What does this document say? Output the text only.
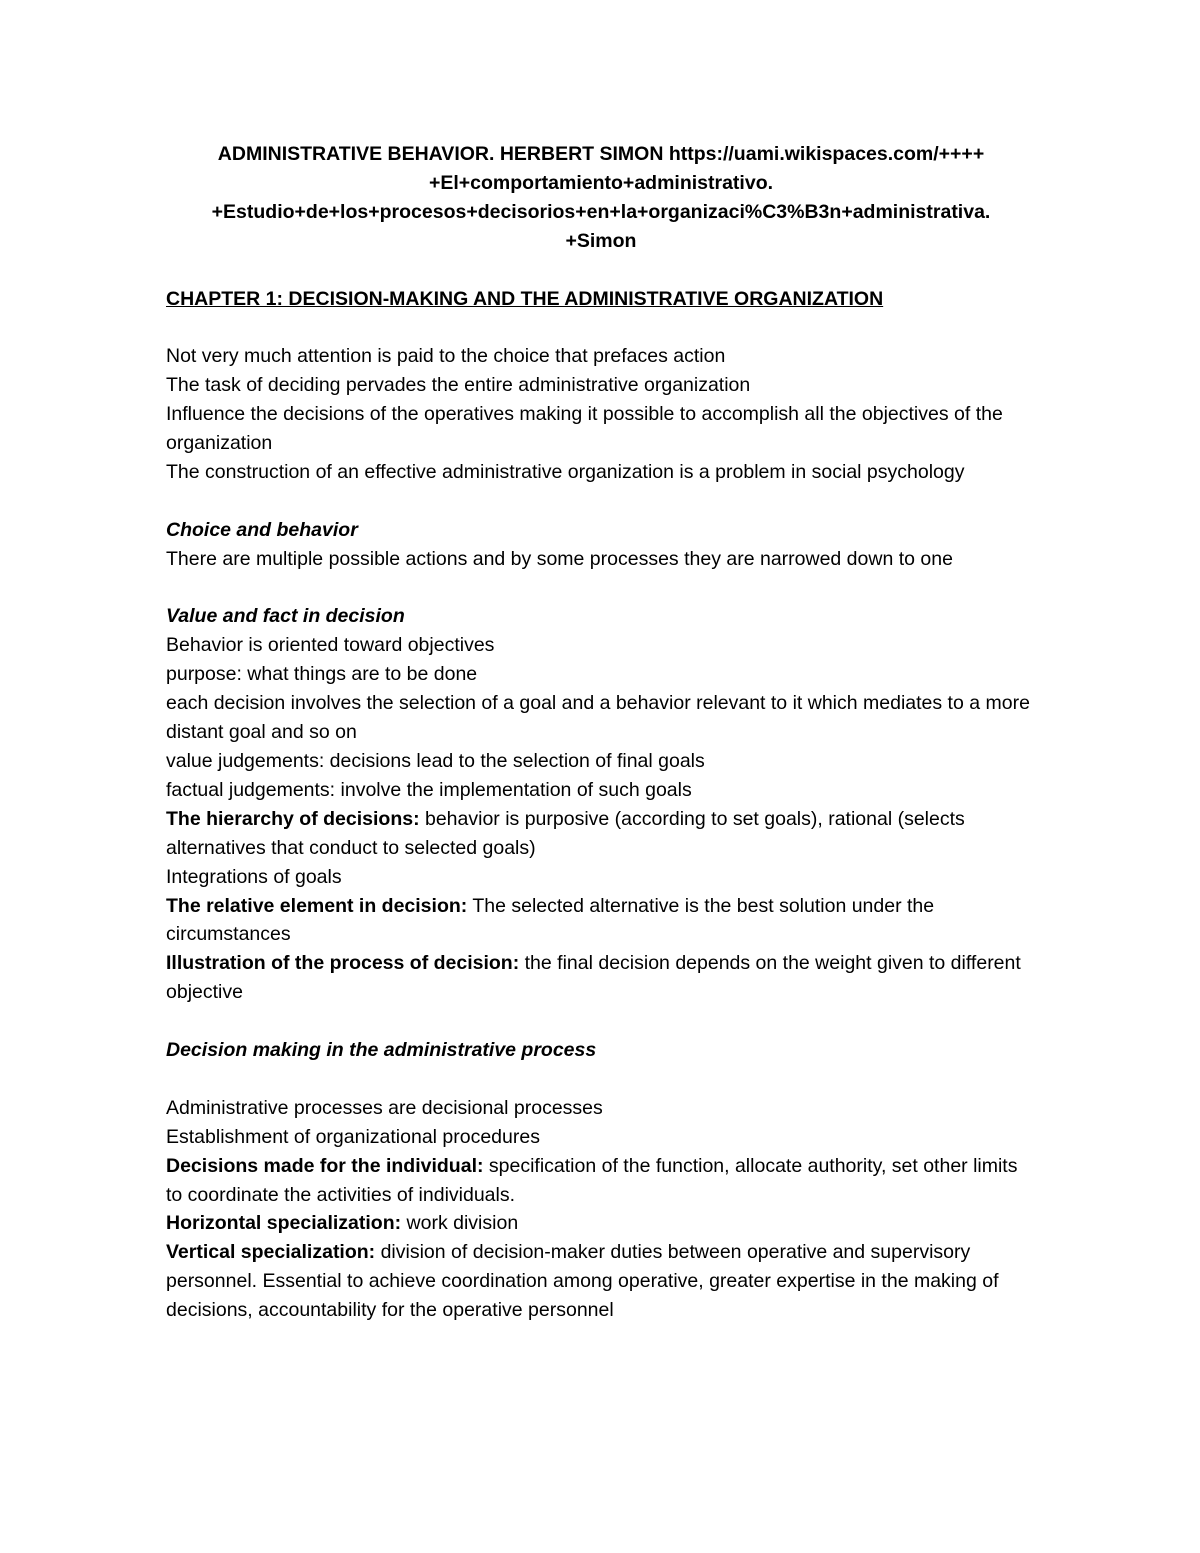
ADMINISTRATIVE BEHAVIOR. HERBERT SIMON https://uami.wikispaces.com/++++
+El+comportamiento+administrativo.
+Estudio+de+los+procesos+decisorios+en+la+organizaci%C3%B3n+administrativa.
+Simon
CHAPTER 1: DECISION-MAKING AND THE ADMINISTRATIVE ORGANIZATION

Not very much attention is paid to the choice that prefaces action

The task of deciding pervades the entire administrative organization

Influence the decisions of the operatives making it possible to accomplish all the objectives of the organization

The construction of an effective administrative organization is a problem in social psychology

Choice and behavior

There are multiple possible actions and by some processes they are narrowed down to one

Value and fact in decision

Behavior is oriented toward objectives

purpose: what things are to be done

each decision involves the selection of a goal and a behavior relevant to it which mediates to a more distant goal and so on

value judgements: decisions lead to the selection of final goals

factual judgements: involve the implementation of such goals

The hierarchy of decisions: behavior is purposive (according to set goals), rational (selects alternatives that conduct to selected goals)

Integrations of goals

The relative element in decision: The selected alternative is the best solution under the circumstances

Illustration of the process of decision: the final decision depends on the weight given to different objective

Decision making in the administrative process

Administrative processes are decisional processes

Establishment of organizational procedures

Decisions made for the individual: specification of the function, allocate authority, set other limits to coordinate the activities of individuals.

Horizontal specialization: work division

Vertical specialization: division of decision-maker duties between operative and supervisory personnel. Essential to achieve coordination among operative, greater expertise in the making of decisions, accountability for the operative personnel
